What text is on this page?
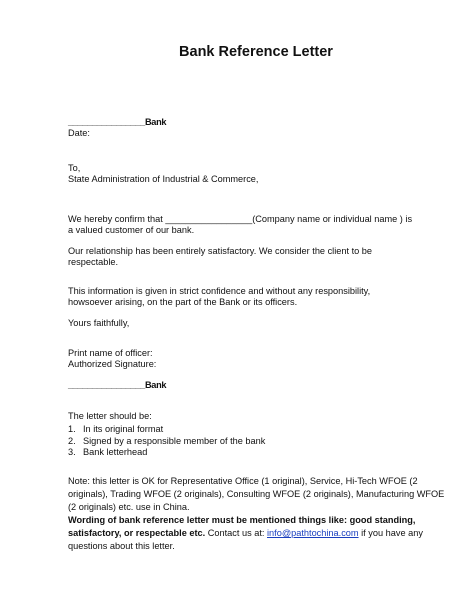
Bank Reference Letter
________________Bank
Date:
To,
State Administration of Industrial & Commerce,
We hereby confirm that _________________(Company name or individual name ) is
a valued customer of our bank.
Our relationship has been entirely satisfactory. We consider the client to be
respectable.
This information is given in strict confidence and without any responsibility,
howsoever arising, on the part of the Bank or its officers.
Yours faithfully,
Print name of officer:
Authorized Signature:
________________Bank
The letter should be:
1. In its original format
2. Signed by a responsible member of the bank
3. Bank letterhead
Note: this letter is OK for Representative Office (1 original), Service, Hi-Tech WFOE (2
originals), Trading WFOE (2 originals), Consulting WFOE (2 originals), Manufacturing WFOE
(2 originals) etc. use in China.
Wording of bank reference letter must be mentioned things like: good standing,
satisfactory, or respectable etc. Contact us at: info@pathtochina.com if you have any
questions about this letter.
